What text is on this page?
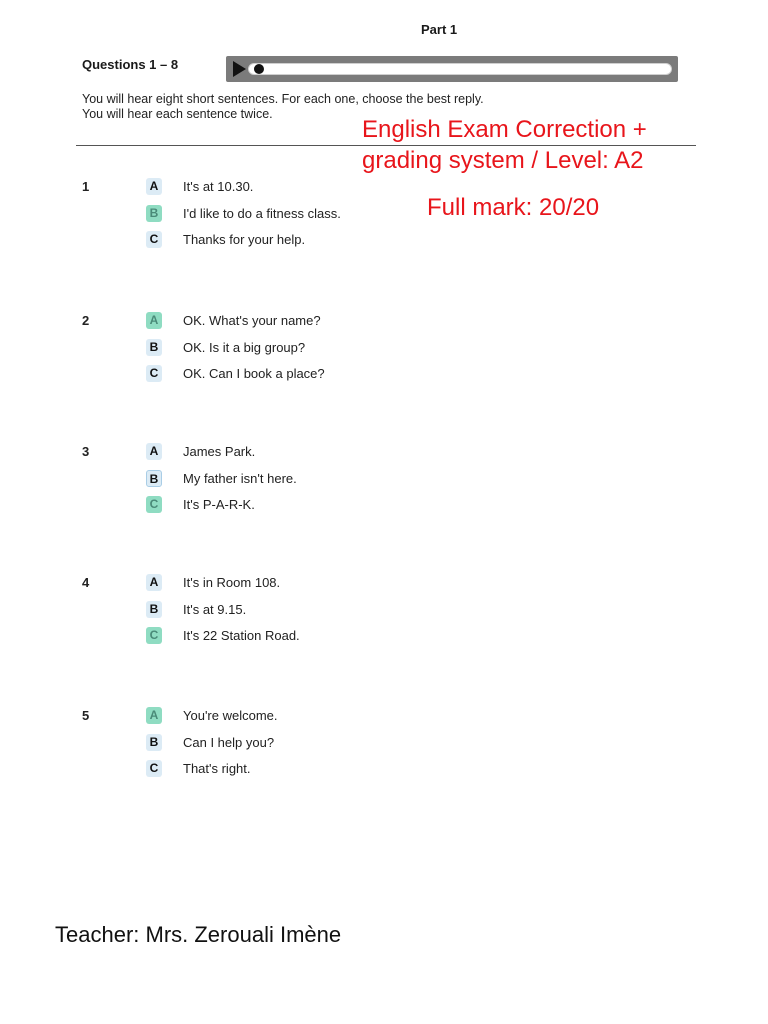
Part 1
Questions 1 – 8
You will hear eight short sentences. For each one, choose the best reply.
You will hear each sentence twice.
English Exam Correction +
grading system / Level: A2
Full mark: 20/20
1	A It's at 10.30.
B I'd like to do a fitness class.
C Thanks for your help.
2	A OK. What's your name?
B OK. Is it a big group?
C OK. Can I book a place?
3	A James Park.
B My father isn't here.
C It's P-A-R-K.
4	A It's in Room 108.
B It's at 9.15.
C It's 22 Station Road.
5	A You're welcome.
B Can I help you?
C That's right.
Teacher: Mrs. Zerouali Imène
